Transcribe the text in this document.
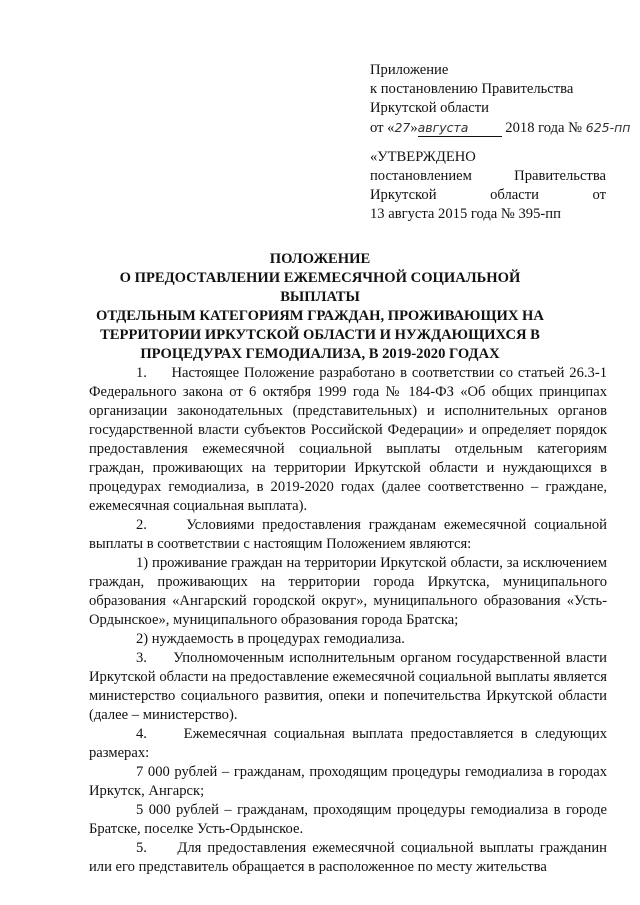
Приложение
к постановлению Правительства
Иркутской области
от «27»августа	2018 года № 625-пп
«УТВЕРЖДЕНО
постановлением Правительства
Иркутской области от
13 августа 2015 года № 395-пп
ПОЛОЖЕНИЕ
О ПРЕДОСТАВЛЕНИИ ЕЖЕМЕСЯЧНОЙ СОЦИАЛЬНОЙ ВЫПЛАТЫ
ОТДЕЛЬНЫМ КАТЕГОРИЯМ ГРАЖДАН, ПРОЖИВАЮЩИХ НА
ТЕРРИТОРИИ ИРКУТСКОЙ ОБЛАСТИ И НУЖДАЮЩИХСЯ В
ПРОЦЕДУРАХ ГЕМОДИАЛИЗА, В 2019-2020 ГОДАХ

1.     Настоящее Положение разработано в соответствии со статьей 26.3-1 Федерального закона от 6 октября 1999 года № 184-ФЗ «Об общих принципах организации законодательных (представительных) и исполнительных органов государственной власти субъектов Российской Федерации» и определяет порядок предоставления ежемесячной социальной выплаты отдельным категориям граждан, проживающих на территории Иркутской области и нуждающихся в процедурах гемодиализа, в 2019-2020 годах (далее соответственно – граждане, ежемесячная социальная выплата).

2.     Условиями предоставления гражданам ежемесячной социальной выплаты в соответствии с настоящим Положением являются:

1) проживание граждан на территории Иркутской области, за исключением граждан, проживающих на территории города Иркутска, муниципального образования «Ангарский городской округ», муниципального образования «Усть-Ордынское», муниципального образования города Братска;

2) нуждаемость в процедурах гемодиализа.

3.     Уполномоченным исполнительным органом государственной власти Иркутской области на предоставление ежемесячной социальной выплаты является министерство социального развития, опеки и попечительства Иркутской области (далее – министерство).

4.     Ежемесячная социальная выплата предоставляется в следующих размерах:

7 000 рублей – гражданам, проходящим процедуры гемодиализа в городах Иркутск, Ангарск;

5 000 рублей – гражданам, проходящим процедуры гемодиализа в городе Братске, поселке Усть-Ордынское.

5.     Для предоставления ежемесячной социальной выплаты гражданин или его представитель обращается в расположенное по месту жительства
